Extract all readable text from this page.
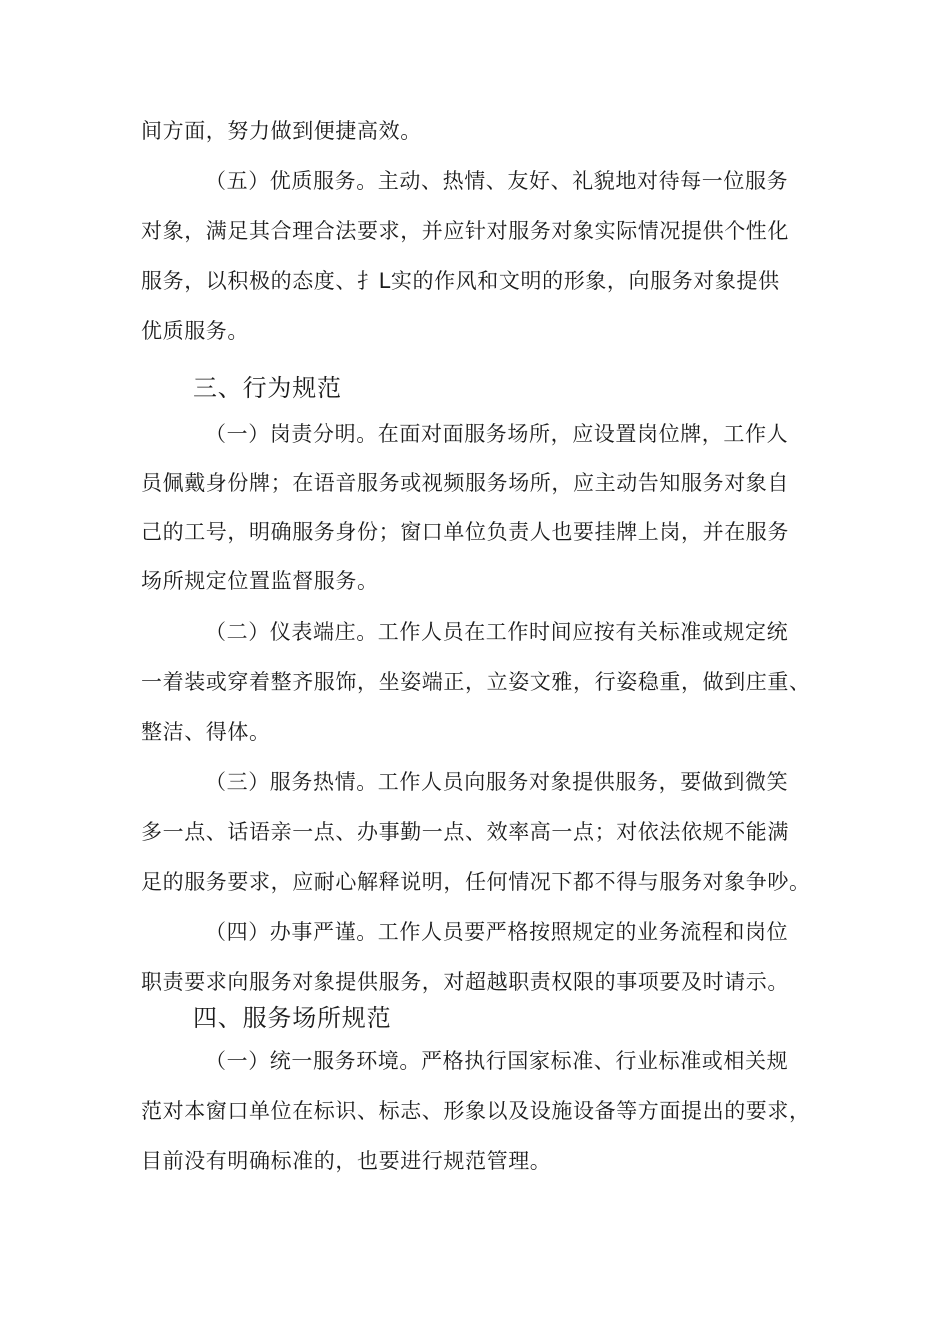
间方面，努力做到便捷高效。
（五）优质服务。主动、热情、友好、礼貌地对待每一位服务
对象，满足其合理合法要求，并应针对服务对象实际情况提供个性化
服务，以积极的态度、扌L实的作风和文明的形象，向服务对象提供
优质服务。
三、行为规范
（一）岗责分明。在面对面服务场所，应设置岗位牌，工作人
员佩戴身份牌；在语音服务或视频服务场所，应主动告知服务对象自
己的工号，明确服务身份；窗口单位负责人也要挂牌上岗，并在服务
场所规定位置监督服务。
（二）仪表端庄。工作人员在工作时间应按有关标准或规定统
一着装或穿着整齐服饰，坐姿端正，立姿文雅，行姿稳重，做到庄重、
整洁、得体。
（三）服务热情。工作人员向服务对象提供服务，要做到微笑
多一点、话语亲一点、办事勤一点、效率高一点；对依法依规不能满
足的服务要求，应耐心解释说明，任何情况下都不得与服务对象争吵。
（四）办事严谨。工作人员要严格按照规定的业务流程和岗位
职责要求向服务对象提供服务，对超越职责权限的事项要及时请示。
四、服务场所规范
（一）统一服务环境。严格执行国家标准、行业标准或相关规
范对本窗口单位在标识、标志、形象以及设施设备等方面提出的要求，
目前没有明确标准的，也要进行规范管理。
